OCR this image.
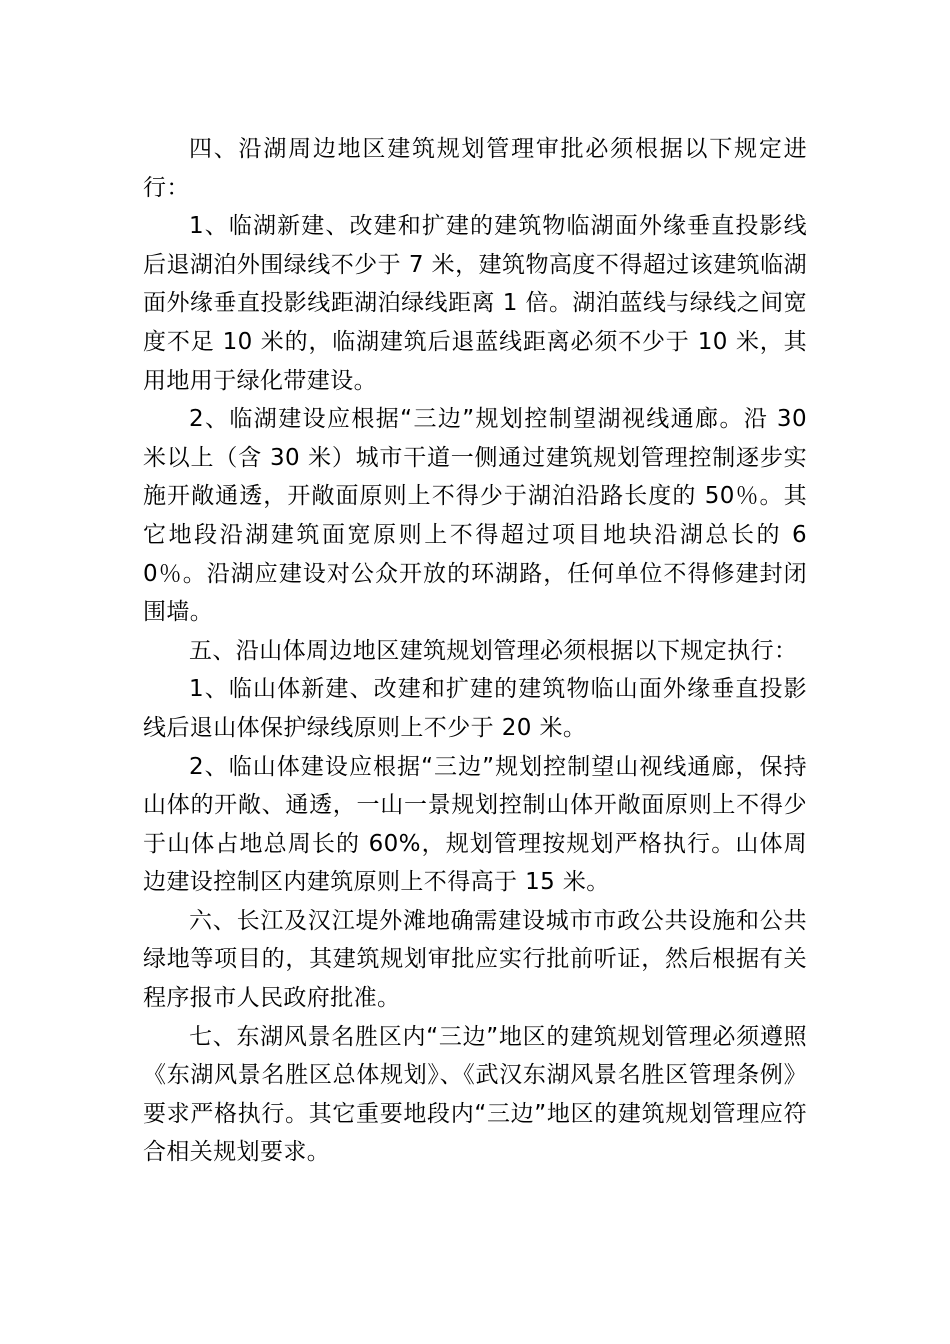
四、沿湖周边地区建筑规划管理审批必须根据以下规定进行：

1、临湖新建、改建和扩建的建筑物临湖面外缘垂直投影线后退湖泊外围绿线不少于 7 米，建筑物高度不得超过该建筑临湖面外缘垂直投影线距湖泊绿线距离 1 倍。湖泊蓝线与绿线之间宽度不足 10 米的，临湖建筑后退蓝线距离必须不少于 10 米，其用地用于绿化带建设。

2、临湖建设应根据“三边”规划控制望湖视线通廊。沿 30 米以上（含 30 米）城市干道一侧通过建筑规划管理控制逐步实施开敞通透，开敞面原则上不得少于湖泊沿路长度的 50％。其它地段沿湖建筑面宽原则上不得超过项目地块沿湖总长的 60％。沿湖应建设对公众开放的环湖路，任何单位不得修建封闭围墙。

五、沿山体周边地区建筑规划管理必须根据以下规定执行：

1、临山体新建、改建和扩建的建筑物临山面外缘垂直投影线后退山体保护绿线原则上不少于 20 米。

2、临山体建设应根据“三边”规划控制望山视线通廊，保持山体的开敞、通透，一山一景规划控制山体开敞面原则上不得少于山体占地总周长的 60%，规划管理按规划严格执行。山体周边建设控制区内建筑原则上不得高于 15 米。

六、长江及汉江堤外滩地确需建设城市市政公共设施和公共绿地等项目的，其建筑规划审批应实行批前听证，然后根据有关程序报市人民政府批准。

七、东湖风景名胜区内“三边”地区的建筑规划管理必须遵照《东湖风景名胜区总体规划》、《武汉东湖风景名胜区管理条例》要求严格执行。其它重要地段内“三边”地区的建筑规划管理应符合相关规划要求。
